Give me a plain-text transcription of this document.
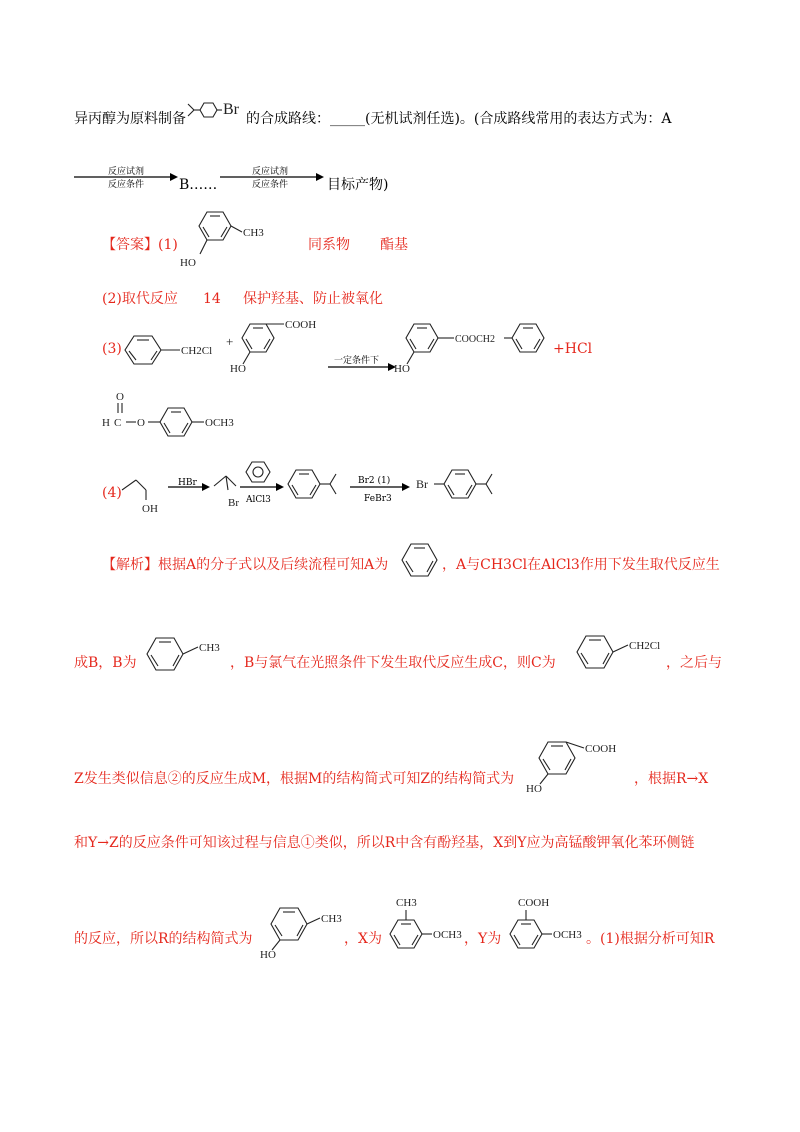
异丙醇为原料制备
Br
的合成路线：_____(无机试剂任选)。(合成路线常用的表达方式为：A
反应试剂
反应条件 B……
反应试剂
反应条件	目标产物)
【答案】 (1)
CH3
HO
同系物 酯基
(2)取代反应 14 保护羟基、防止被氧化
(3)	CH2Cl
+
COOH
HO
一定条件下
COOCH2
HO
+HCl
O
H C O	OCH3
(4)
OH
HBr
Br AlCl3
Br2 (1)
FeBr3
Br
【解析】 根据A的分子式以及后续流程可知A为	，A与CH3Cl在AlCl3作用下发生取代反应生
成B，B为
CH3
，B与氯气在光照条件下发生取代反应生成C，则C为
CH2Cl
，之后与
Z发生类似信息②的反应生成M，根据M的结构简式可知Z的结构简式为
COOH
HO
，根据R→X
和Y→Z的反应条件可知该过程与信息①类似，所以R中含有酚羟基，X到Y应为高锰酸钾氧化苯环侧链
的反应，所以R的结构简式为
CH3
HO
，X为
CH3
OCH3 ，Y为
COOH
OCH3 。(1)根据分析可知R
